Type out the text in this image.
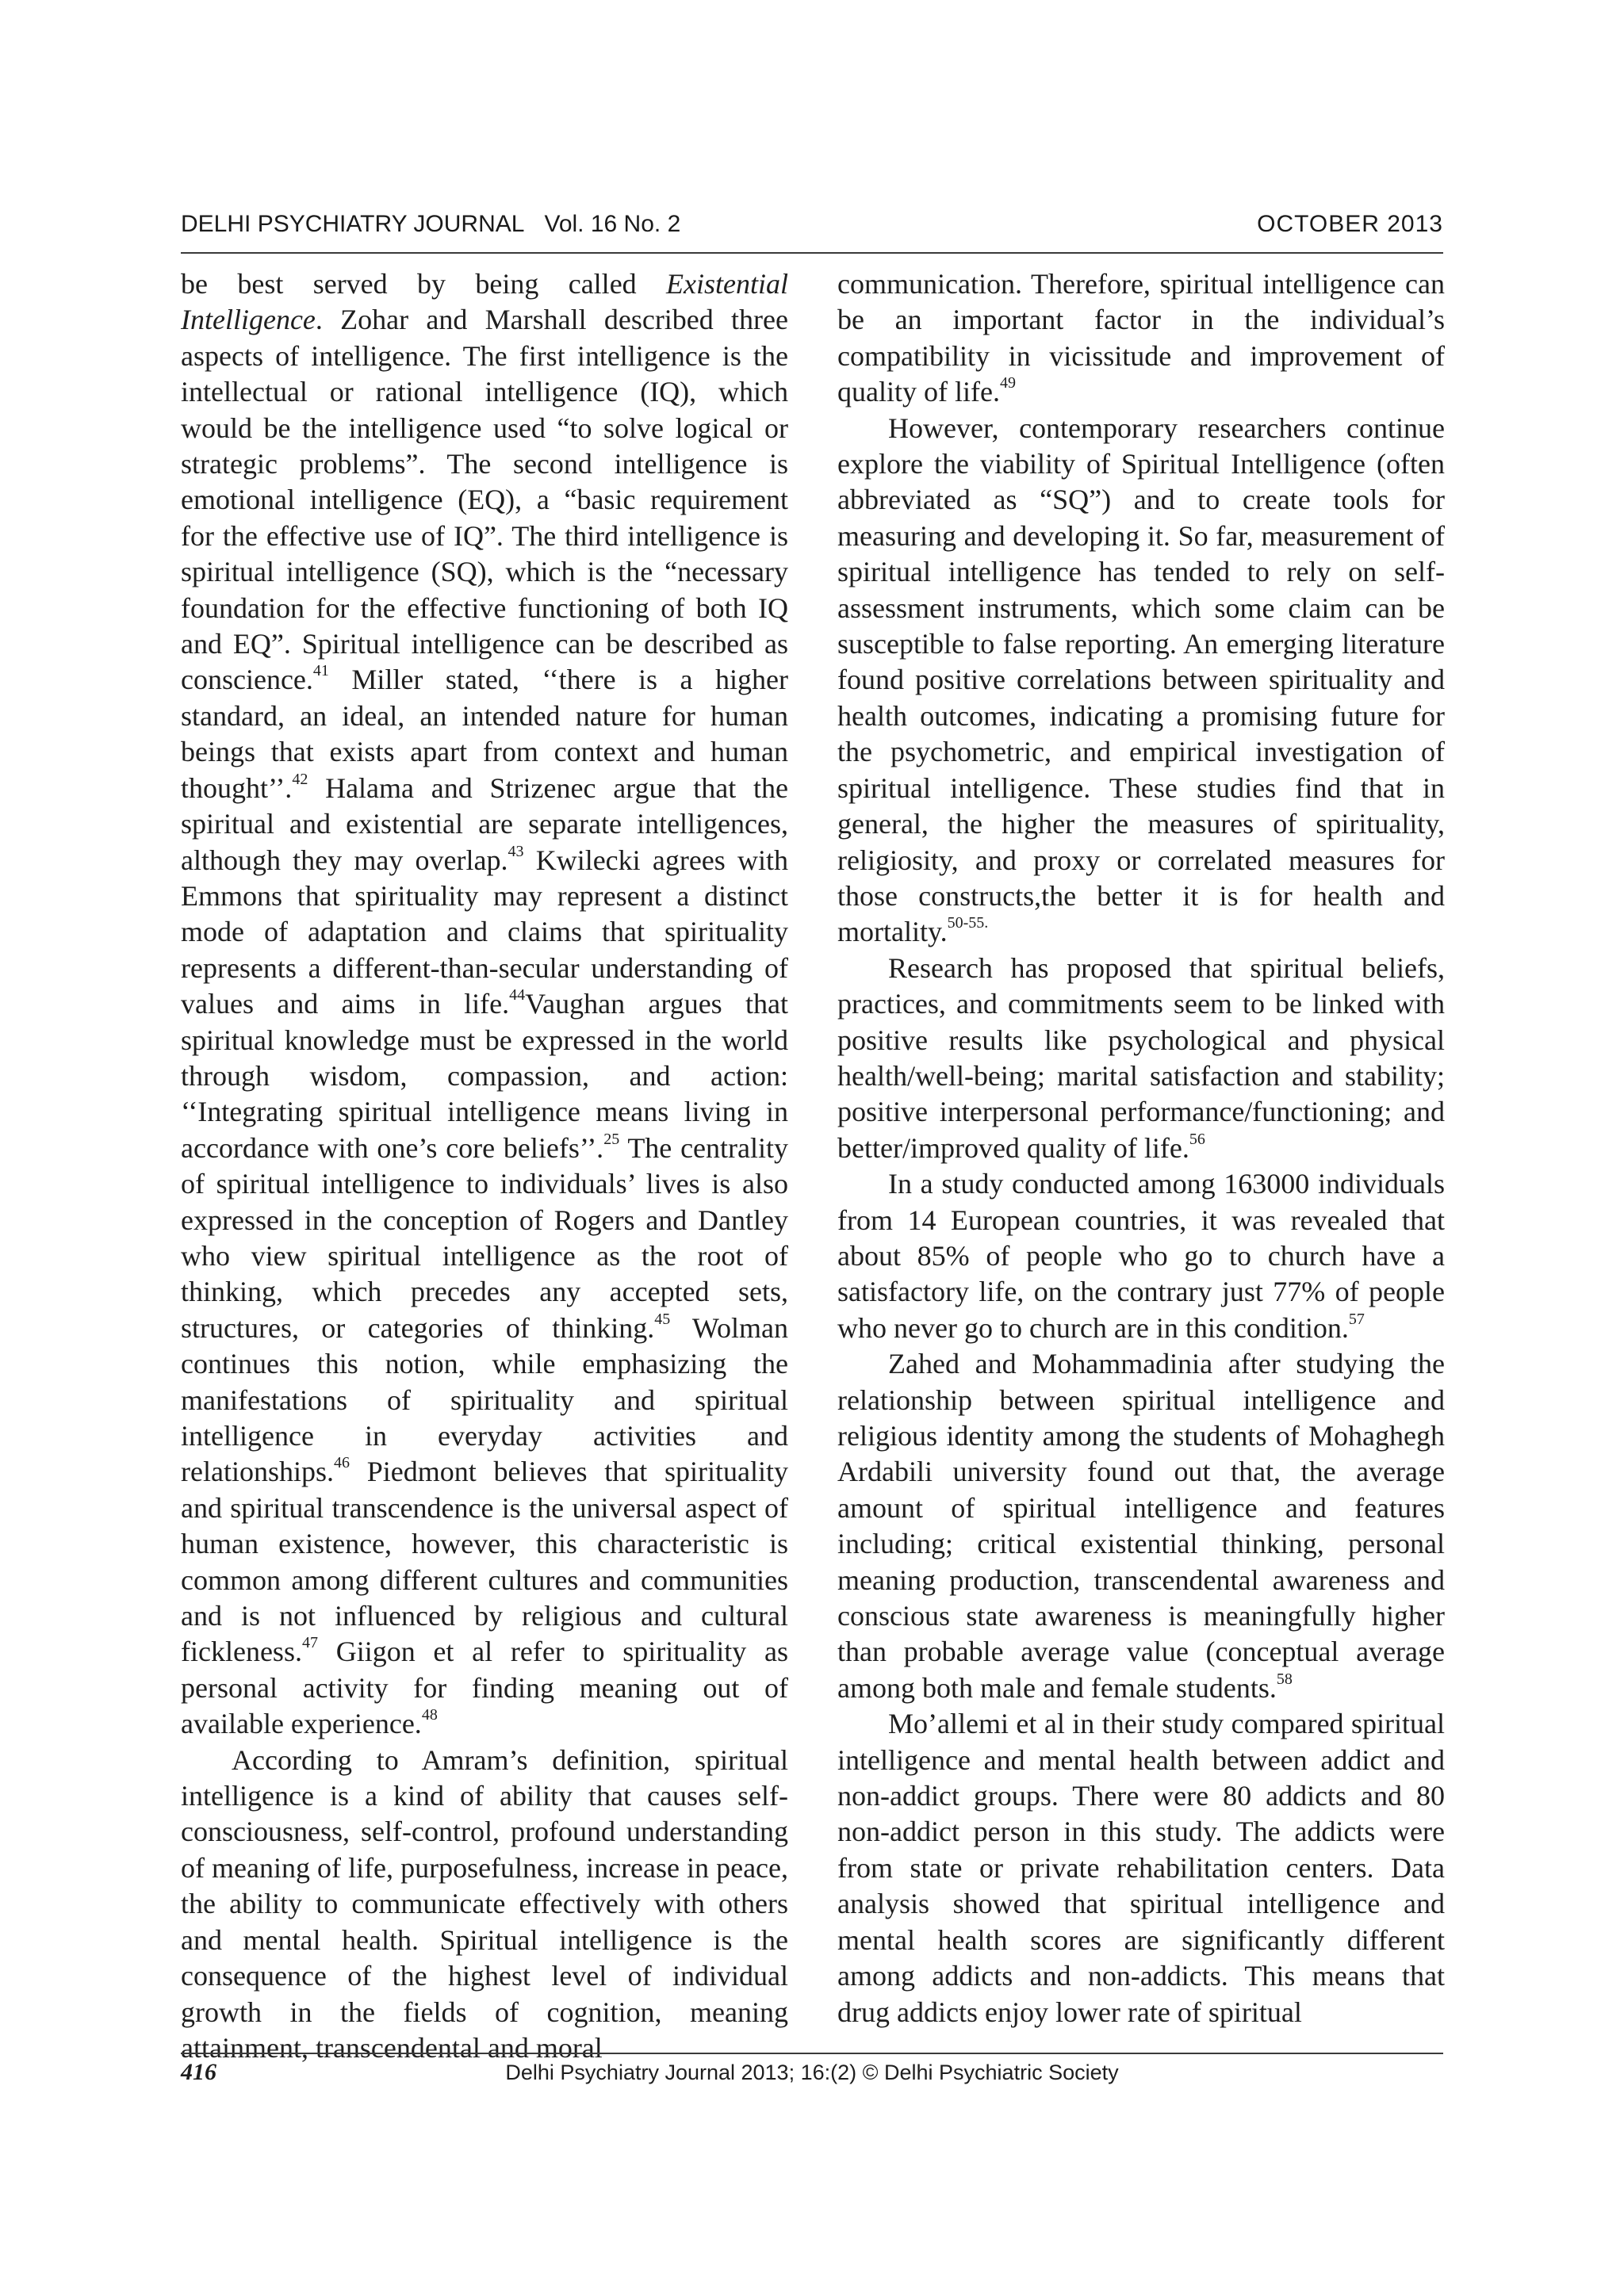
DELHI PSYCHIATRY JOURNAL Vol. 16 No. 2	OCTOBER 2013

be best served by being called Existential Intelligence. Zohar and Marshall described three aspects of intelligence. The first intelligence is the intellectual or rational intelligence (IQ), which would be the intelligence used “to solve logical or strategic problems”. The second intelligence is emotional intelligence (EQ), a “basic requirement for the effective use of IQ”. The third intelligence is spiritual intelligence (SQ), which is the “necessary foundation for the effective functioning of both IQ and EQ”. Spiritual intelligence can be described as conscience.$^{41}$ Miller stated, ‘‘there is a higher standard, an ideal, an intended nature for human beings that exists apart from context and human thought’’.$^{42}$ Halama and Strizenec argue that the spiritual and existential are separate intelligences, although they may overlap.$^{43}$ Kwilecki agrees with Emmons that spirituality may represent a distinct mode of adaptation and claims that spirituality represents a different-than-secular understanding of values and aims in life.$^{44}$Vaughan argues that spiritual knowledge must be expressed in the world through wisdom, compassion, and action: ‘‘Integrating spiritual intelligence means living in accordance with one’s core beliefs’’.$^{25}$ The centrality of spiritual intelligence to individuals’ lives is also expressed in the conception of Rogers and Dantley who view spiritual intelligence as the root of thinking, which precedes any accepted sets, structures, or categories of thinking.$^{45}$ Wolman continues this notion, while emphasizing the manifestations of spirituality and spiritual intelligence in everyday activities and relationships.$^{46}$ Piedmont believes that spirituality and spiritual transcendence is the universal aspect of human existence, however, this characteristic is common among different cultures and communities and is not influenced by religious and cultural fickleness.$^{47}$ Giigon et al refer to spirituality as personal activity for finding meaning out of available experience.$^{48}$

According to Amram’s definition, spiritual intelligence is a kind of ability that causes self-consciousness, self-control, profound understanding of meaning of life, purposefulness, increase in peace, the ability to communicate effectively with others and mental health. Spiritual intelligence is the consequence of the highest level of individual growth in the fields of cognition, meaning attainment, transcendental and moral

communication. Therefore, spiritual intelligence can be an important factor in the individual’s compatibility in vicissitude and improvement of quality of life.$^{49}$

However, contemporary researchers continue explore the viability of Spiritual Intelligence (often abbreviated as “SQ”) and to create tools for measuring and developing it. So far, measurement of spiritual intelligence has tended to rely on self-assessment instruments, which some claim can be susceptible to false reporting. An emerging literature found positive correlations between spirituality and health outcomes, indicating a promising future for the psychometric, and empirical investigation of spiritual intelligence. These studies find that in general, the higher the measures of spirituality, religiosity, and proxy or correlated measures for those constructs,the better it is for health and mortality.$^{50-55.}$

Research has proposed that spiritual beliefs, practices, and commitments seem to be linked with positive results like psychological and physical health/well-being; marital satisfaction and stability; positive interpersonal performance/functioning; and better/improved quality of life.$^{56}$

In a study conducted among 163000 individuals from 14 European countries, it was revealed that about 85% of people who go to church have a satisfactory life, on the contrary just 77% of people who never go to church are in this condition.$^{57}$

Zahed and Mohammadinia after studying the relationship between spiritual intelligence and religious identity among the students of Mohaghegh Ardabili university found out that, the average amount of spiritual intelligence and features including; critical existential thinking, personal meaning production, transcendental awareness and conscious state awareness is meaningfully higher than probable average value (conceptual average among both male and female students.$^{58}$

Mo’allemi et al in their study compared spiritual intelligence and mental health between addict and non-addict groups. There were 80 addicts and 80 non-addict person in this study. The addicts were from state or private rehabilitation centers. Data analysis showed that spiritual intelligence and mental health scores are significantly different among addicts and non-addicts. This means that drug addicts enjoy lower rate of spiritual

416	Delhi Psychiatry Journal 2013; 16:(2) © Delhi Psychiatric Society
